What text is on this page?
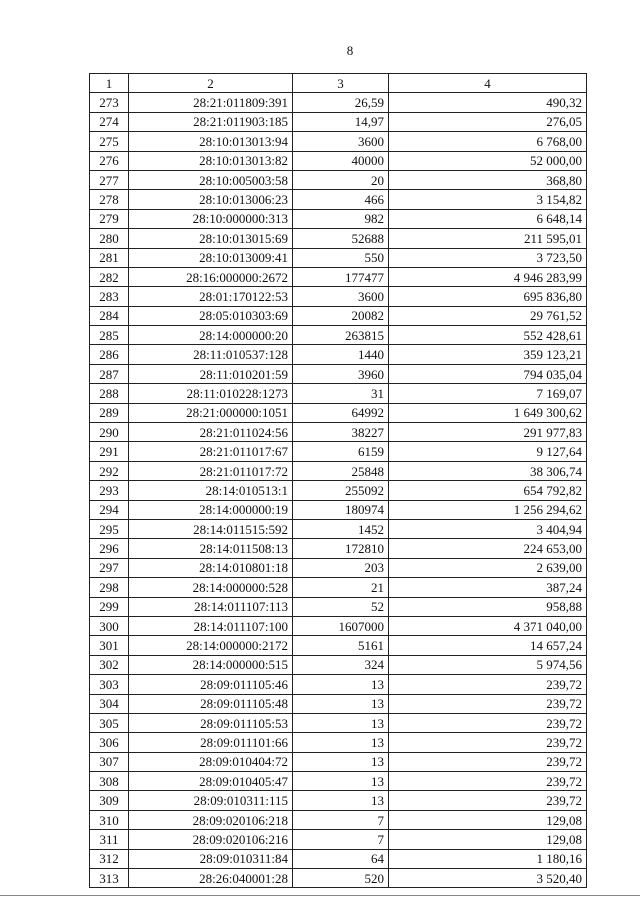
8
1	2	3	4
273	28:21:011809:391	26,59	490,32
274	28:21:011903:185	14,97	276,05
275	28:10:013013:94	3600	6 768,00
276	28:10:013013:82	40000	52 000,00
277	28:10:005003:58	20	368,80
278	28:10:013006:23	466	3 154,82
279	28:10:000000:313	982	6 648,14
280	28:10:013015:69	52688	211 595,01
281	28:10:013009:41	550	3 723,50
282	28:16:000000:2672	177477	4 946 283,99
283	28:01:170122:53	3600	695 836,80
284	28:05:010303:69	20082	29 761,52
285	28:14:000000:20	263815	552 428,61
286	28:11:010537:128	1440	359 123,21
287	28:11:010201:59	3960	794 035,04
288	28:11:010228:1273	31	7 169,07
289	28:21:000000:1051	64992	1 649 300,62
290	28:21:011024:56	38227	291 977,83
291	28:21:011017:67	6159	9 127,64
292	28:21:011017:72	25848	38 306,74
293	28:14:010513:1	255092	654 792,82
294	28:14:000000:19	180974	1 256 294,62
295	28:14:011515:592	1452	3 404,94
296	28:14:011508:13	172810	224 653,00
297	28:14:010801:18	203	2 639,00
298	28:14:000000:528	21	387,24
299	28:14:011107:113	52	958,88
300	28:14:011107:100	1607000	4 371 040,00
301	28:14:000000:2172	5161	14 657,24
302	28:14:000000:515	324	5 974,56
303	28:09:011105:46	13	239,72
304	28:09:011105:48	13	239,72
305	28:09:011105:53	13	239,72
306	28:09:011101:66	13	239,72
307	28:09:010404:72	13	239,72
308	28:09:010405:47	13	239,72
309	28:09:010311:115	13	239,72
310	28:09:020106:218	7	129,08
311	28:09:020106:216	7	129,08
312	28:09:010311:84	64	1 180,16
313	28:26:040001:28	520	3 520,40
